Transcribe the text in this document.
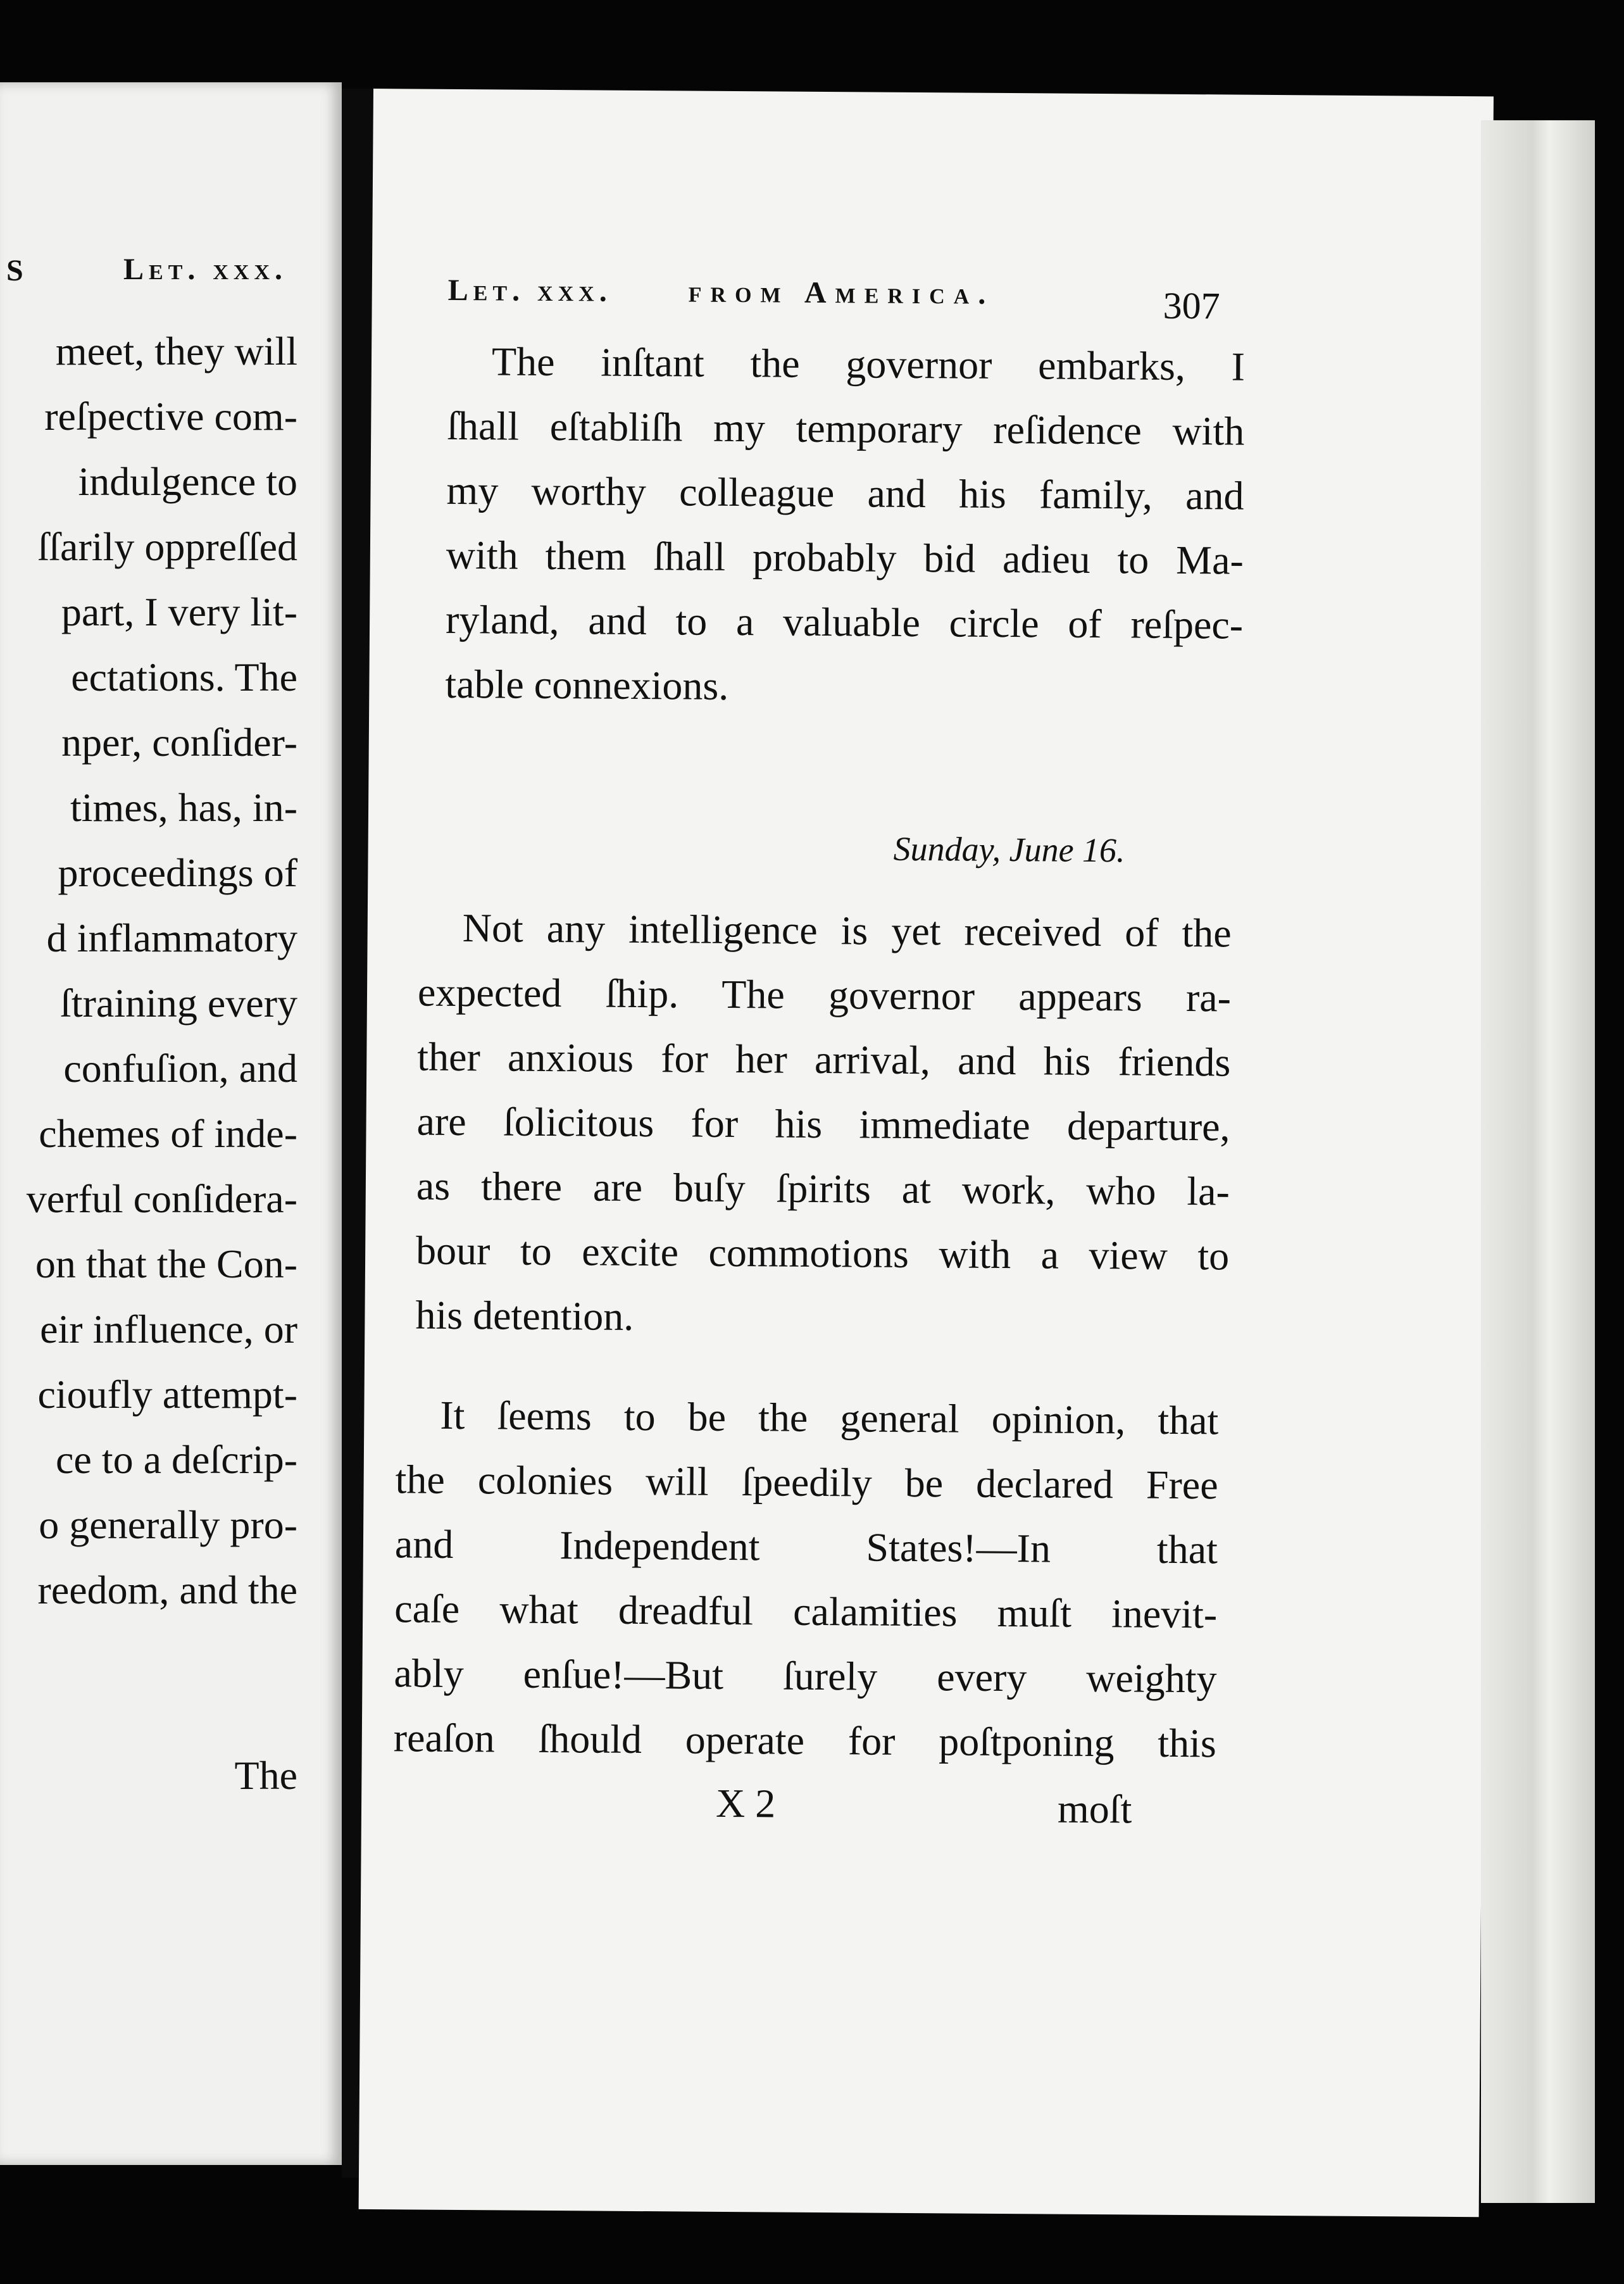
S	Let. xxx.
meet, they will
reſpective com-
indulgence to
ſſarily oppreſſed
part, I very lit-
ectations. The
nper, conſider-
times, has, in-
proceedings of
d inflammatory
ſtraining every
confuſion, and
chemes of inde-
verful conſidera-
on that the Con-
eir influence, or
cioufly attempt-
ce to a deſcrip-
o generally pro-
reedom, and the
The
Let. xxx.	from America.	307
The inſtant the governor embarks, I
ſhall eſtabliſh my temporary reſidence with
my worthy colleague and his family, and
with them ſhall probably bid adieu to Ma-
ryland, and to a valuable circle of reſpec-
table connexions.
Sunday, June 16.
Not any intelligence is yet received of the
expected ſhip. The governor appears ra-
ther anxious for her arrival, and his friends
are ſolicitous for his immediate departure,
as there are buſy ſpirits at work, who la-
bour to excite commotions with a view to
his detention.
It ſeems to be the general opinion, that
the colonies will ſpeedily be declared Free
and Independent States!—In that
caſe what dreadful calamities muſt inevit-
ably enſue!—But ſurely every weighty
reaſon ſhould operate for poſtponing this
X 2	moſt
